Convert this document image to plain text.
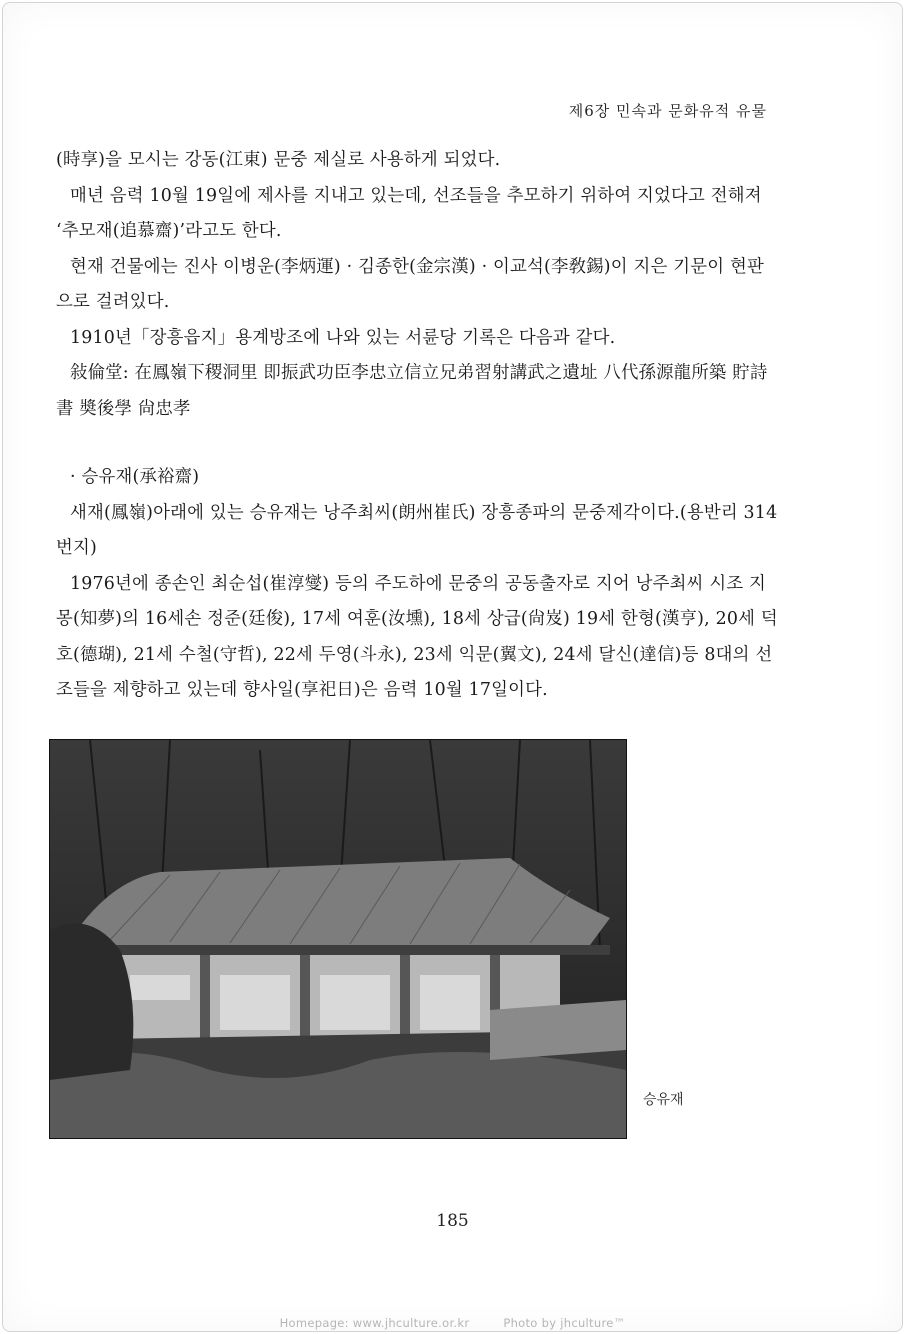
제6장 민속과 문화유적 유물

(時享)을 모시는 강동(江東) 문중 제실로 사용하게 되었다.

매년 음력 10월 19일에 제사를 지내고 있는데, 선조들을 추모하기 위하여 지었다고 전해져 ‘추모재(追慕齋)’라고도 한다.

현재 건물에는 진사 이병운(李炳運) · 김종한(金宗漢) · 이교석(李敎錫)이 지은 기문이 현판으로 걸려있다.

1910년「장흥읍지」용계방조에 나와 있는 서륜당 기록은 다음과 같다.

敍倫堂: 在鳳嶺下稷洞里 即振武功臣李忠立信立兄弟習射講武之遺址 八代孫源龍所築 貯詩書 奬後學 尙忠孝

· 승유재(承裕齋)

새재(鳳嶺)아래에 있는 승유재는 낭주최씨(朗州崔氏) 장흥종파의 문중제각이다.(용반리 314번지)

1976년에 종손인 최순섭(崔淳燮) 등의 주도하에 문중의 공동출자로 지어 낭주최씨 시조 지몽(知夢)의 16세손 정준(廷俊), 17세 여훈(汝壎), 18세 상급(尙岌) 19세 한형(漢亨), 20세 덕호(德瑚), 21세 수철(守哲), 22세 두영(斗永), 23세 익문(翼文), 24세 달신(達信)등 8대의 선조들을 제향하고 있는데 향사일(享祀日)은 음력 10월 17일이다.

승유재
185
Homepage: www.jhculture.or.kr	Photo by jhculture™
